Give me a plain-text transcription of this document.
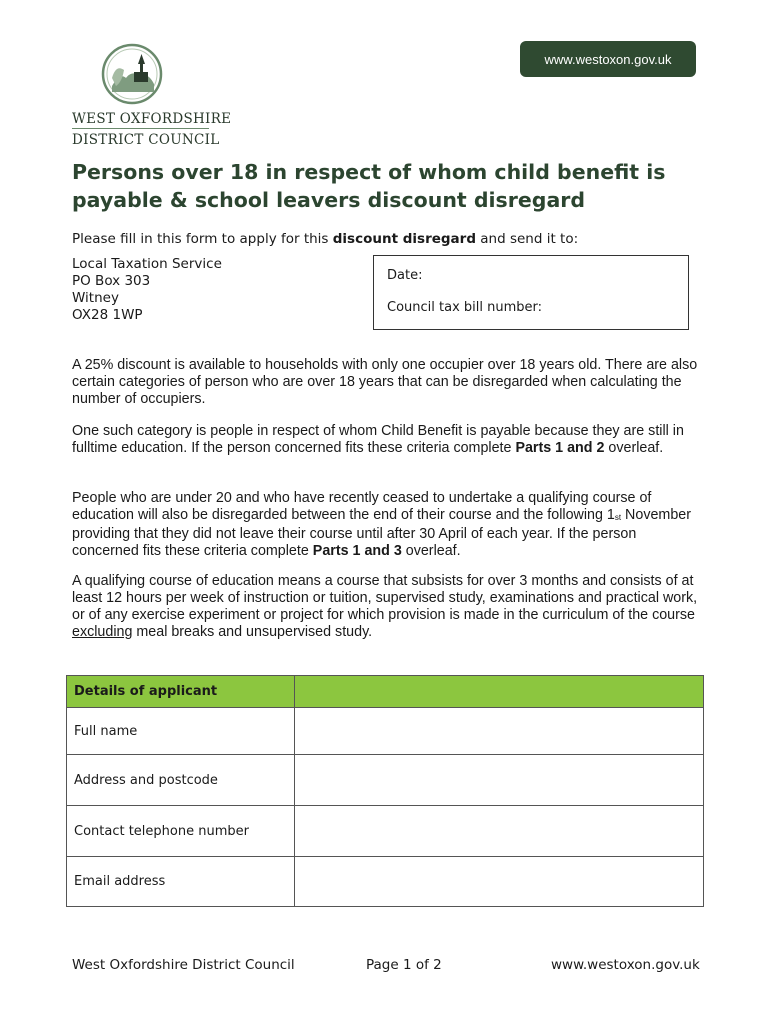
WEST OXFORDSHIRE
DISTRICT COUNCIL
www.westoxon.gov.uk
Persons over 18 in respect of whom child benefit is
payable & school leavers discount disregard
Please fill in this form to apply for this discount disregard and send it to:
Local Taxation Service
PO Box 303
Witney
OX28 1WP
Date:
Council tax bill number:
A 25% discount is available to households with only one occupier over 18 years old. There are also certain categories of person who are over 18 years that can be disregarded when calculating the number of occupiers.
One such category is people in respect of whom Child Benefit is payable because they are still in fulltime education. If the person concerned fits these criteria complete Parts 1 and 2 overleaf.
People who are under 20 and who have recently ceased to undertake a qualifying course of education will also be disregarded between the end of their course and the following $1_{st}$ November providing that they did not leave their course until after 30 April of each year. If the person concerned fits these criteria complete Parts 1 and 3 overleaf.
A qualifying course of education means a course that subsists for over 3 months and consists of at least 12 hours per week of instruction or tuition, supervised study, examinations and practical work, or of any exercise experiment or project for which provision is made in the curriculum of the course excluding meal breaks and unsupervised study.
Details of applicant
Full name
Address and postcode
Contact telephone number
Email address
West Oxfordshire District Council	Page 1 of 2	www.westoxon.gov.uk
